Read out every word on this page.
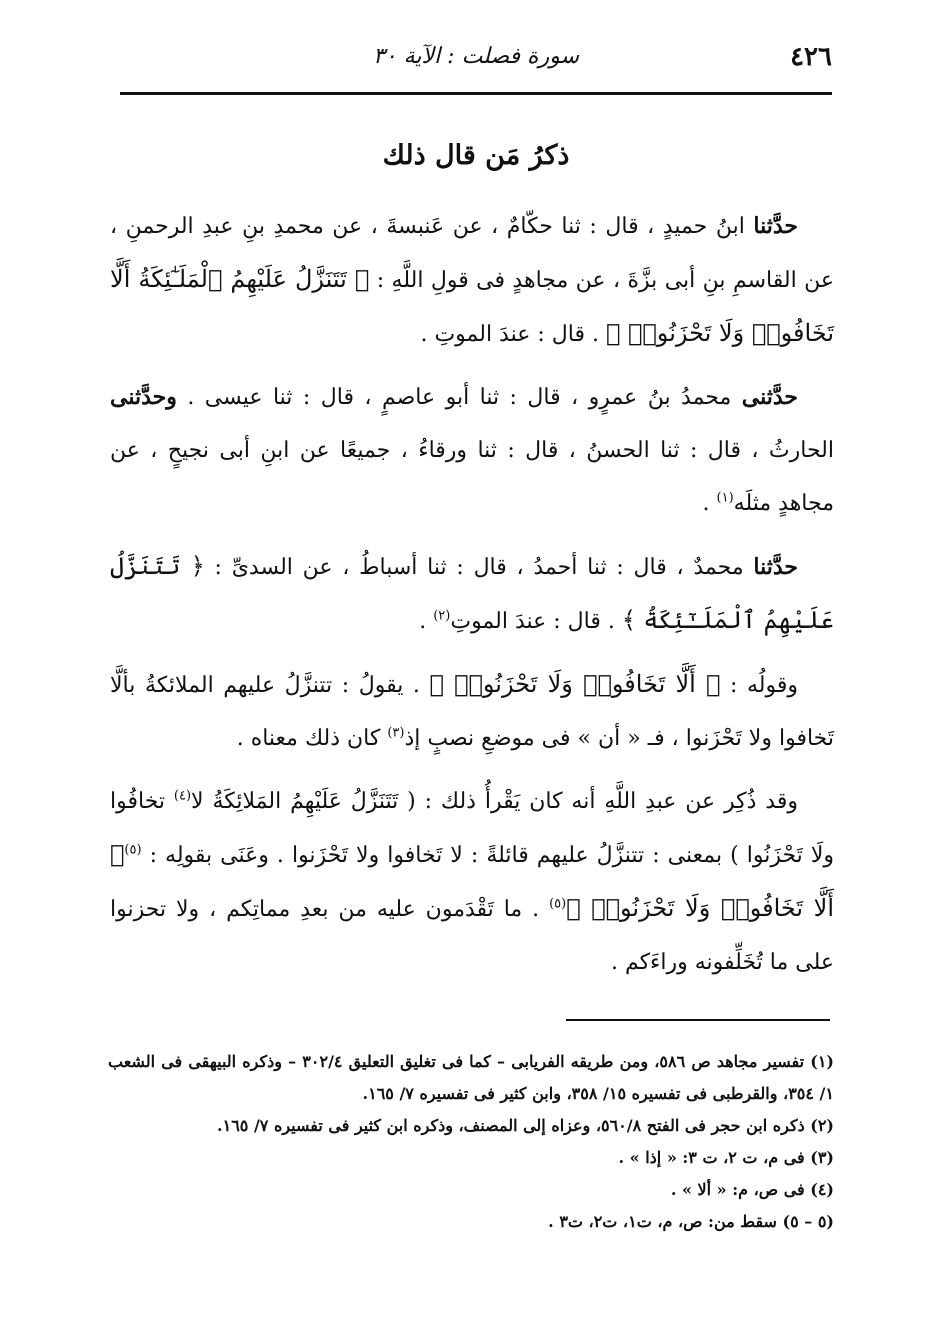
٤٢٦
سورة فصلت : الآية ٣٠
ذكرُ مَن قال ذلك

حدَّثنا ابنُ حميدٍ ، قال : ثنا حكّامٌ ، عن عَنبسةَ ، عن محمدِ بنِ عبدِ الرحمنِ ، عن القاسمِ بنِ أبى بزَّةَ ، عن مجاهدٍ فى قولِ اللَّهِ : ﴿ تَتَنَزَّلُ عَلَيْهِمُ ٱلْمَلَـٰٓئِكَةُ أَلَّا تَخَافُوا۟ وَلَا تَحْزَنُوا۟ ﴾ . قال : عندَ الموتِ .

حدَّثنى محمدُ بنُ عمرٍو ، قال : ثنا أبو عاصمٍ ، قال : ثنا عيسى . وحدَّثنى الحارثُ ، قال : ثنا الحسنُ ، قال : ثنا ورقاءُ ، جميعًا عن ابنِ أبى نجيحٍ ، عن مجاهدٍ مثلَه$^{(١)}$ .

حدَّثنا محمدٌ ، قال : ثنا أحمدُ ، قال : ثنا أسباطُ ، عن السدىِّ : ﴿ تَتَنَزَّلُ عَلَيْهِمُ ٱلْمَلَـٰٓئِكَةُ ﴾ . قال : عندَ الموتِ$^{(٢)}$ .

وقولُه : ﴿ أَلَّا تَخَافُوا۟ وَلَا تَحْزَنُوا۟ ﴾ . يقولُ : تتنزَّلُ عليهم الملائكةُ بألَّا تَخافوا ولا تَحْزَنوا ، فـ « أن » فى موضعِ نصبٍ إذ$^{(٣)}$ كان ذلك معناه .

وقد ذُكِر عن عبدِ اللَّهِ أنه كان يَقْرأُ ذلك : ( تَتَنَزَّلُ عَلَيْهِمُ المَلائِكَةُ لا$^{(٤)}$ تخافُوا ولَا تَحْزَنُوا ) بمعنى : تتنزَّلُ عليهم قائلةً : لا تَخافوا ولا تَحْزَنوا . وعَنَى بقولِه : $^{(٥)}$﴿ أَلَّا تَخَافُوا۟ وَلَا تَحْزَنُوا۟ ﴾$^{(٥)}$ . ما تَقْدَمون عليه من بعدِ مماتِكم ، ولا تحزنوا على ما تُخَلِّفونه وراءَكم .

(١) تفسير مجاهد ص ٥٨٦، ومن طريقه الفريابى – كما فى تغليق التعليق ٣٠٢/٤ – وذكره البيهقى فى الشعب ١/ ٣٥٤، والقرطبى فى تفسيره ١٥/ ٣٥٨، وابن كثير فى تفسيره ٧/ ١٦٥.

(٢) ذكره ابن حجر فى الفتح ٥٦٠/٨، وعزاه إلى المصنف، وذكره ابن كثير فى تفسيره ٧/ ١٦٥.

(٣) فى م، ت ٢، ت ٣: « إذا » .

(٤) فى ص، م: « ألا » .

(٥ – ٥) سقط من: ص، م، ت١، ت٢، ت٣ .
